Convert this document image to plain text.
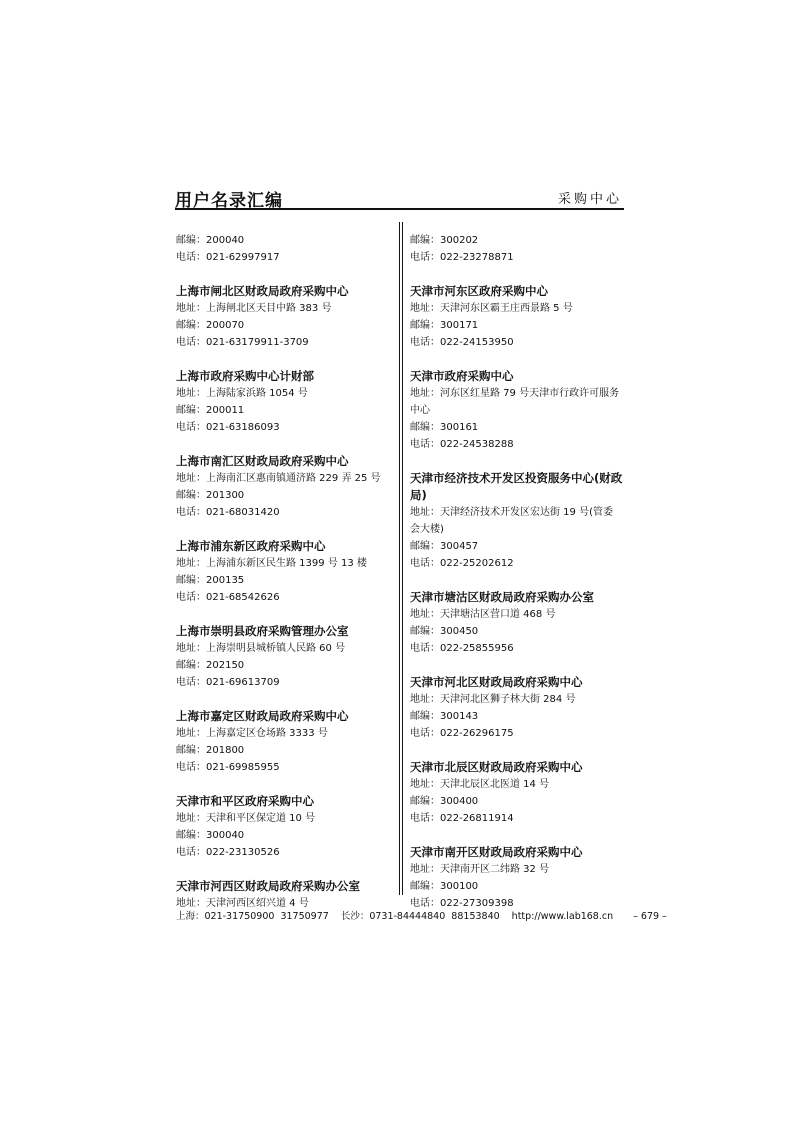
用户名录汇编	采购中心
邮编：200040
电话：021-62997917
上海市闸北区财政局政府采购中心
地址：上海闸北区天目中路 383 号
邮编：200070
电话：021-63179911-3709
上海市政府采购中心计财部
地址：上海陆家浜路 1054 号
邮编：200011
电话：021-63186093
上海市南汇区财政局政府采购中心
地址：上海南汇区惠南镇通济路 229 弄 25 号
邮编：201300
电话：021-68031420
上海市浦东新区政府采购中心
地址：上海浦东新区民生路 1399 号 13 楼
邮编：200135
电话：021-68542626
上海市崇明县政府采购管理办公室
地址：上海崇明县城桥镇人民路 60 号
邮编：202150
电话：021-69613709
上海市嘉定区财政局政府采购中心
地址：上海嘉定区仓场路 3333 号
邮编：201800
电话：021-69985955
天津市和平区政府采购中心
地址：天津和平区保定道 10 号
邮编：300040
电话：022-23130526
天津市河西区财政局政府采购办公室
地址：天津河西区绍兴道 4 号
邮编：300202
电话：022-23278871
天津市河东区政府采购中心
地址：天津河东区霸王庄西景路 5 号
邮编：300171
电话：022-24153950
天津市政府采购中心
地址：河东区红星路 79 号天津市行政许可服务中心
邮编：300161
电话：022-24538288
天津市经济技术开发区投资服务中心(财政局)
地址：天津经济技术开发区宏达街 19 号(管委
会大楼)
邮编：300457
电话：022-25202612
天津市塘沽区财政局政府采购办公室
地址：天津塘沽区营口道 468 号
邮编：300450
电话：022-25855956
天津市河北区财政局政府采购中心
地址：天津河北区狮子林大街 284 号
邮编：300143
电话：022-26296175
天津市北辰区财政局政府采购中心
地址：天津北辰区北医道 14 号
邮编：300400
电话：022-26811914
天津市南开区财政局政府采购中心
地址：天津南开区二纬路 32 号
邮编：300100
电话：022-27309398
上海：021-31750900  31750977 长沙：0731-84444840  88153840 http://www.lab168.cn – 679 –
